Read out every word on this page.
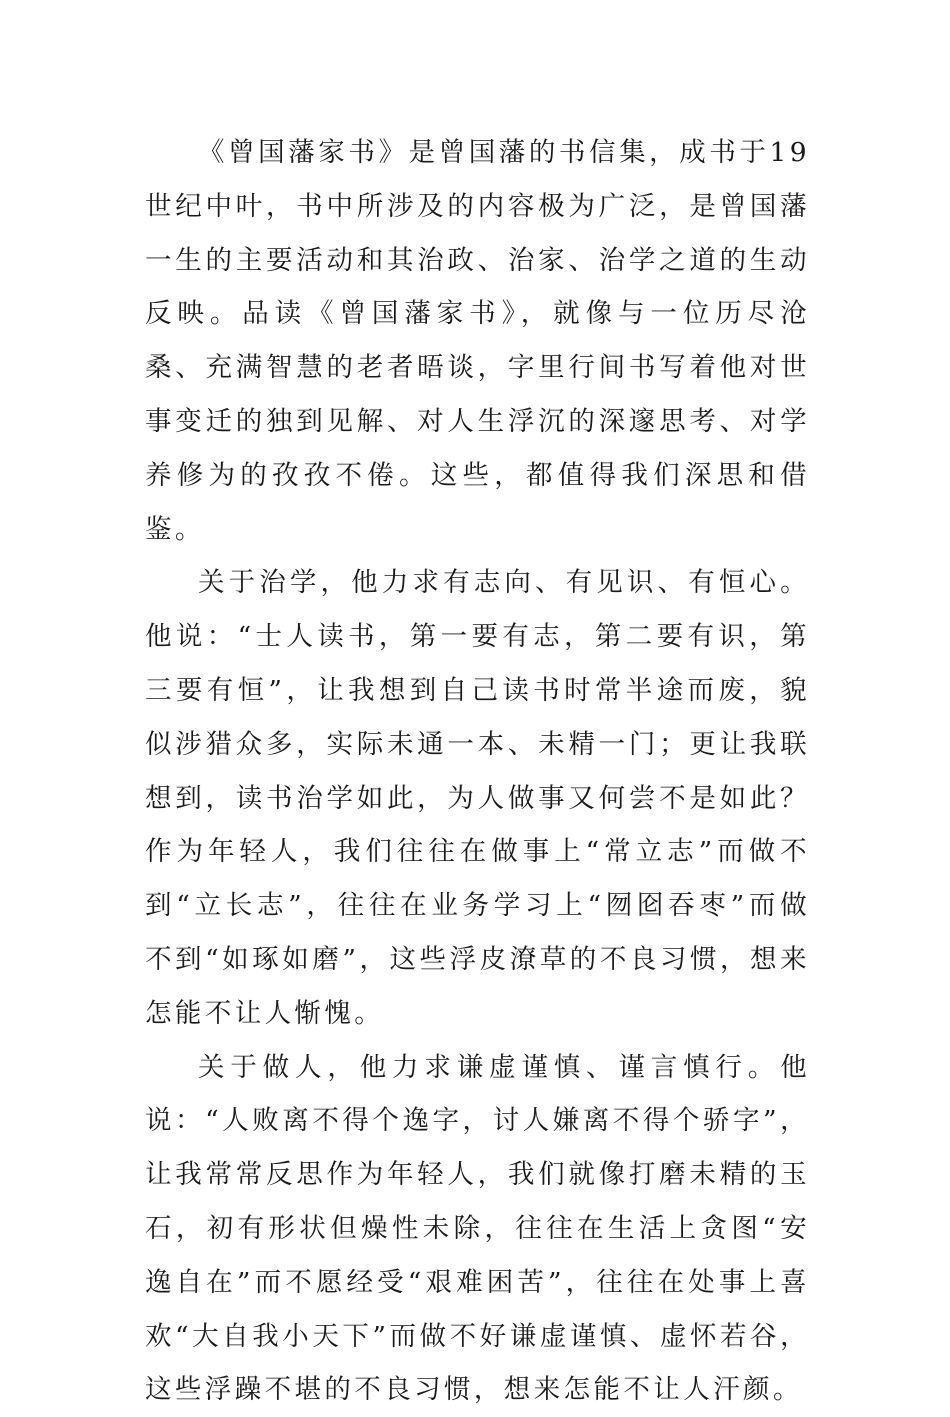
《曾国藩家书》是曾国藩的书信集，成书于19世纪中叶，书中所涉及的内容极为广泛，是曾国藩一生的主要活动和其治政、治家、治学之道的生动反映。品读《曾国藩家书》，就像与一位历尽沧桑、充满智慧的老者晤谈，字里行间书写着他对世事变迁的独到见解、对人生浮沉的深邃思考、对学养修为的孜孜不倦。这些，都值得我们深思和借鉴。

关于治学，他力求有志向、有见识、有恒心。他说：“士人读书，第一要有志，第二要有识，第三要有恒”，让我想到自己读书时常半途而废，貌似涉猎众多，实际未通一本、未精一门；更让我联想到，读书治学如此，为人做事又何尝不是如此？作为年轻人，我们往往在做事上“常立志”而做不到“立长志”，往往在业务学习上“囫囵吞枣”而做不到“如琢如磨”，这些浮皮潦草的不良习惯，想来怎能不让人惭愧。

关于做人，他力求谦虚谨慎、谨言慎行。他说：“人败离不得个逸字，讨人嫌离不得个骄字”，让我常常反思作为年轻人，我们就像打磨未精的玉石，初有形状但燥性未除，往往在生活上贪图“安逸自在”而不愿经受“艰难困苦”，往往在处事上喜欢“大自我小天下”而做不好谦虚谨慎、虚怀若谷，这些浮躁不堪的不良习惯，想来怎能不让人汗颜。
